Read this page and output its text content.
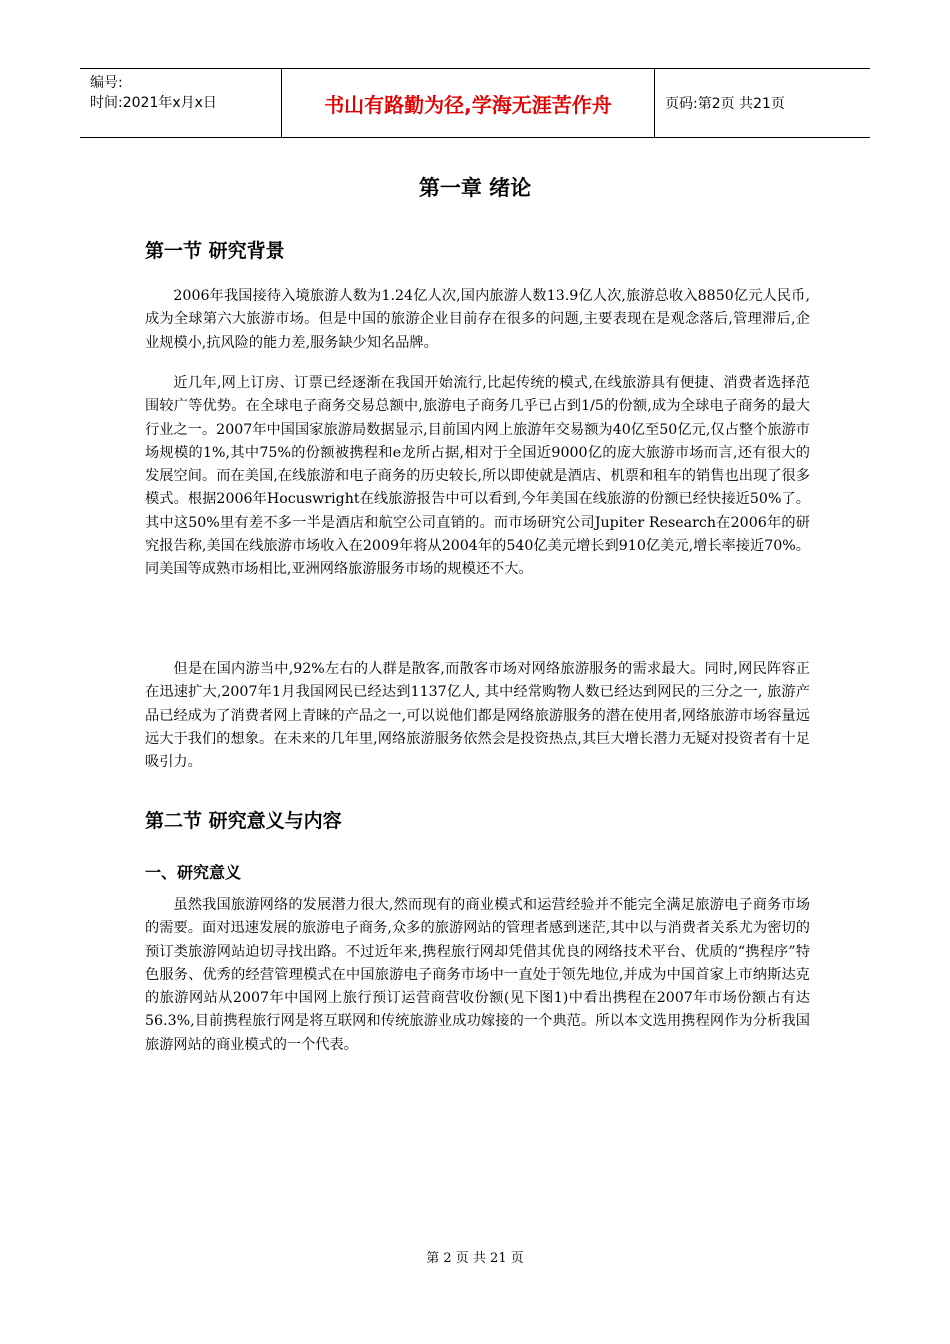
编号:
时间:2021年x月x日	书山有路勤为径,学海无涯苦作舟	页码:第2页 共21页
第一章 绪论
第一节 研究背景

2006年我国接待入境旅游人数为1.24亿人次,国内旅游人数13.9亿人次,旅游总收入8850亿元人民币,成为全球第六大旅游市场。但是中国的旅游企业目前存在很多的问题,主要表现在是观念落后,管理滞后,企业规模小,抗风险的能力差,服务缺少知名品牌。

近几年,网上订房、订票已经逐渐在我国开始流行,比起传统的模式,在线旅游具有便捷、消费者选择范围较广等优势。在全球电子商务交易总额中,旅游电子商务几乎已占到1/5的份额,成为全球电子商务的最大行业之一。2007年中国国家旅游局数据显示,目前国内网上旅游年交易额为40亿至50亿元,仅占整个旅游市场规模的1%,其中75%的份额被携程和e龙所占据,相对于全国近9000亿的庞大旅游市场而言,还有很大的发展空间。而在美国,在线旅游和电子商务的历史较长,所以即使就是酒店、机票和租车的销售也出现了很多模式。根据2006年Hocuswright在线旅游报告中可以看到,今年美国在线旅游的份额已经快接近50%了。其中这50%里有差不多一半是酒店和航空公司直销的。而市场研究公司Jupiter Research在2006年的研究报告称,美国在线旅游市场收入在2009年将从2004年的540亿美元增长到910亿美元,增长率接近70%。同美国等成熟市场相比,亚洲网络旅游服务市场的规模还不大。

但是在国内游当中,92%左右的人群是散客,而散客市场对网络旅游服务的需求最大。同时,网民阵容正在迅速扩大,2007年1月我国网民已经达到1137亿人, 其中经常购物人数已经达到网民的三分之一, 旅游产品已经成为了消费者网上青睐的产品之一,可以说他们都是网络旅游服务的潜在使用者,网络旅游市场容量远远大于我们的想象。在未来的几年里,网络旅游服务依然会是投资热点,其巨大增长潜力无疑对投资者有十足吸引力。

第二节 研究意义与内容
一、研究意义

虽然我国旅游网络的发展潜力很大,然而现有的商业模式和运营经验并不能完全满足旅游电子商务市场的需要。面对迅速发展的旅游电子商务,众多的旅游网站的管理者感到迷茫,其中以与消费者关系尤为密切的预订类旅游网站迫切寻找出路。不过近年来,携程旅行网却凭借其优良的网络技术平台、优质的“携程序”特色服务、优秀的经营管理模式在中国旅游电子商务市场中一直处于领先地位,并成为中国首家上市纳斯达克的旅游网站从2007年中国网上旅行预订运营商营收份额(见下图1)中看出携程在2007年市场份额占有达56.3%,目前携程旅行网是将互联网和传统旅游业成功嫁接的一个典范。所以本文选用携程网作为分析我国旅游网站的商业模式的一个代表。

第 2 页 共 21 页
